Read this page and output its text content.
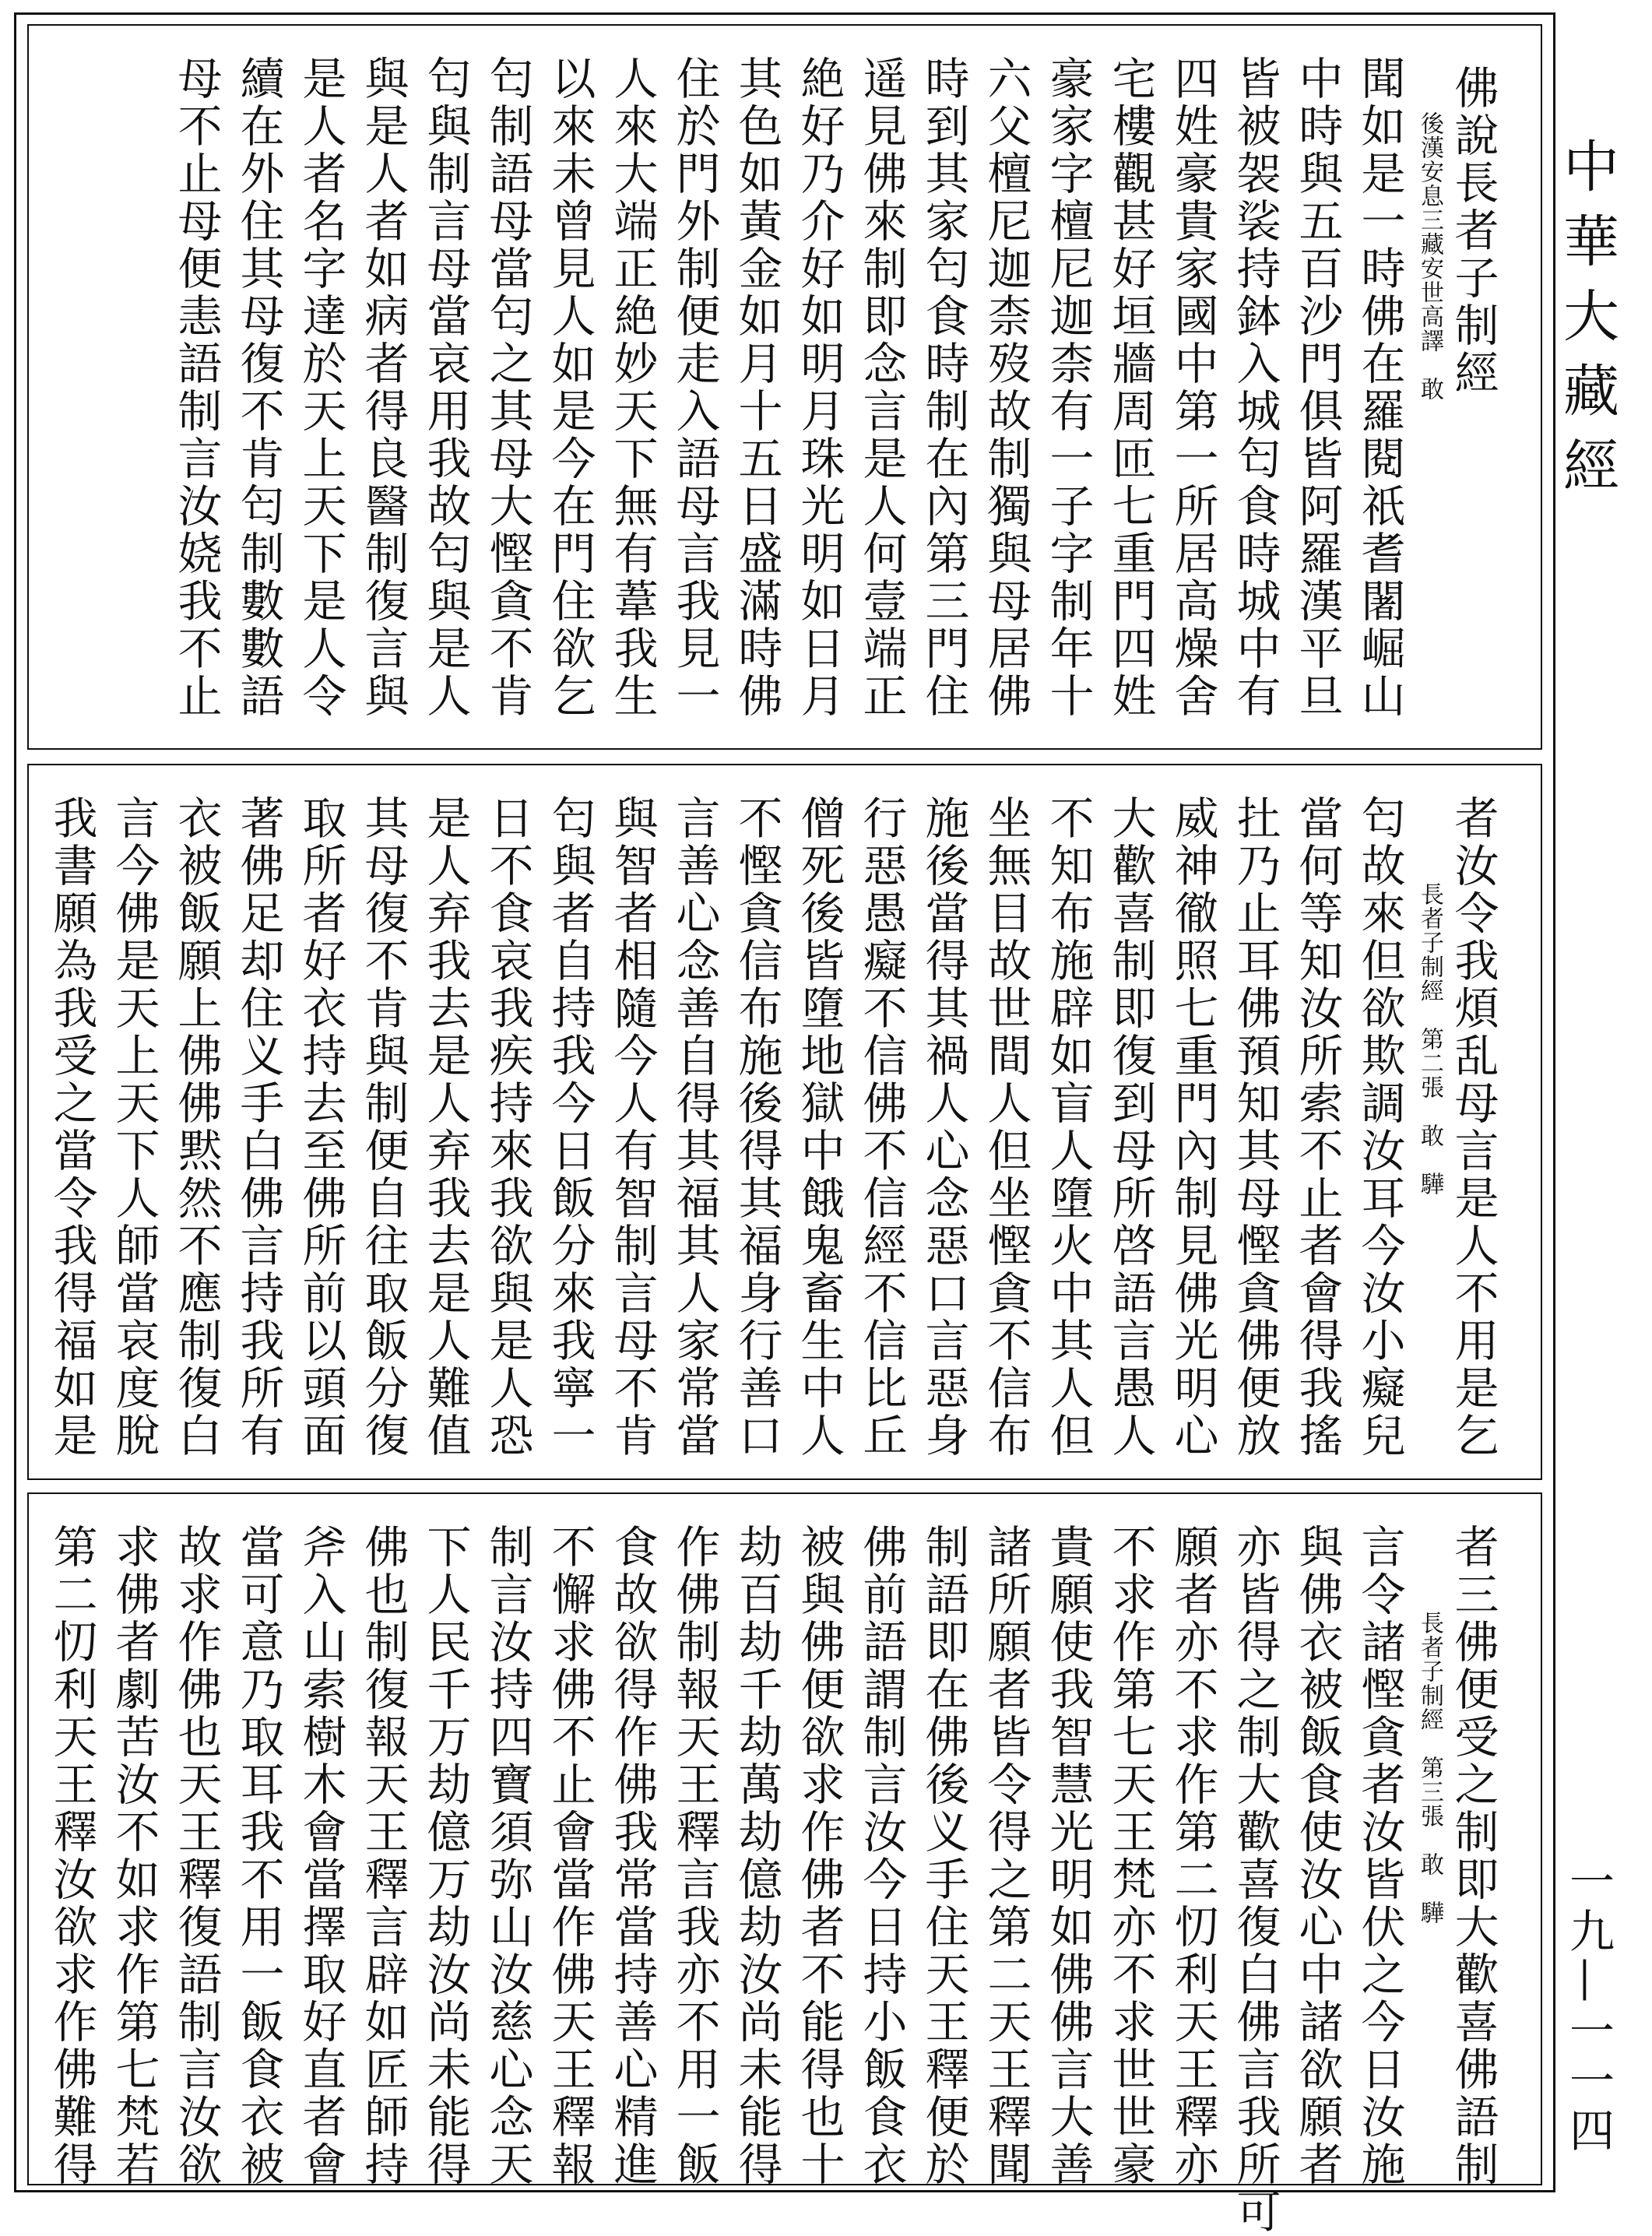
佛說長者子制經
後漢安息三藏安世高譯　敢
聞如是一時佛在羅閱祇耆闍崛山
中時與五百沙門俱皆阿羅漢平旦
皆被袈裟持鉢入城匄食時城中有
四姓豪貴家國中第一所居高燥舍
宅樓觀甚好垣牆周匝七重門四姓
豪家字檀尼迦柰有一子字制年十
六父檀尼迦柰歿故制獨與母居佛
時到其家匄食時制在內第三門住
遥見佛來制即念言是人何壹端正
絶好乃介好如明月珠光明如日月
其色如黃金如月十五日盛滿時佛
住於門外制便走入語母言我見一
人來大端正絶妙天下無有葦我生
以來未曾見人如是今在門住欲乞
匄制語母當匄之其母大慳貪不肯
匄與制言母當哀用我故匄與是人
與是人者如病者得良醫制復言與
是人者名字達於天上天下是人令
續在外住其母復不肯匄制數數語
母不止母便恚語制言汝娆我不止
者汝令我煩乱母言是人不用是乞
長者子制經　第二張　敢　驊
匄故來但欲欺調汝耳今汝小癡兒
當何等知汝所索不止者會得我搖
扗乃止耳佛預知其母慳貪佛便放
威神徹照七重門內制見佛光明心
大歡喜制即復到母所啓語言愚人
不知布施辟如盲人墮火中其人但
坐無目故世間人但坐慳貪不信布
施後當得其禍人心念惡口言惡身
行惡愚癡不信佛不信經不信比丘
僧死後皆墮地獄中餓鬼畜生中人
不慳貪信布施後得其福身行善口
言善心念善自得其福其人家常當
與智者相隨今人有智制言母不肯
匄與者自持我今日飯分來我寧一
日不食哀我疾持來我欲與是人恐
是人弃我去是人弃我去是人難值
其母復不肯與制便自往取飯分復
取所者好衣持去至佛所前以頭面
著佛足却住义手白佛言持我所有
衣被飯願上佛佛黙然不應制復白
言今佛是天上天下人師當哀度脫
我書願為我受之當令我得福如是
者三佛便受之制即大歡喜佛語制
長者子制經　第三張　敢　驊
言令諸慳貪者汝皆伏之今日汝施
與佛衣被飯食使汝心中諸欲願者
亦皆得之制大歡喜復白佛言我所可
願者亦不求作第二忉利天王釋亦
不求作第七天王梵亦不求世世豪
貴願使我智慧光明如佛佛言大善
諸所願者皆令得之第二天王釋聞
制語即在佛後义手住天王釋便於
佛前語謂制言汝今日持小飯食衣
被與佛便欲求作佛者不能得也十
劫百劫千劫萬劫億劫汝尚未能得
作佛制報天王釋言我亦不用一飯
食故欲得作佛我常當持善心精進
不懈求佛不止會當作佛天王釋報
制言汝持四寶須弥山汝慈心念天
下人民千万劫億万劫汝尚未能得
佛也制復報天王釋言辟如匠師持
斧入山索樹木會當擇取好直者會
當可意乃取耳我不用一飯食衣被
故求作佛也天王釋復語制言汝欲
求佛者劇苦汝不如求作第七梵若
第二忉利天王釋汝欲求作佛難得
中華大藏經
一九—一一四
